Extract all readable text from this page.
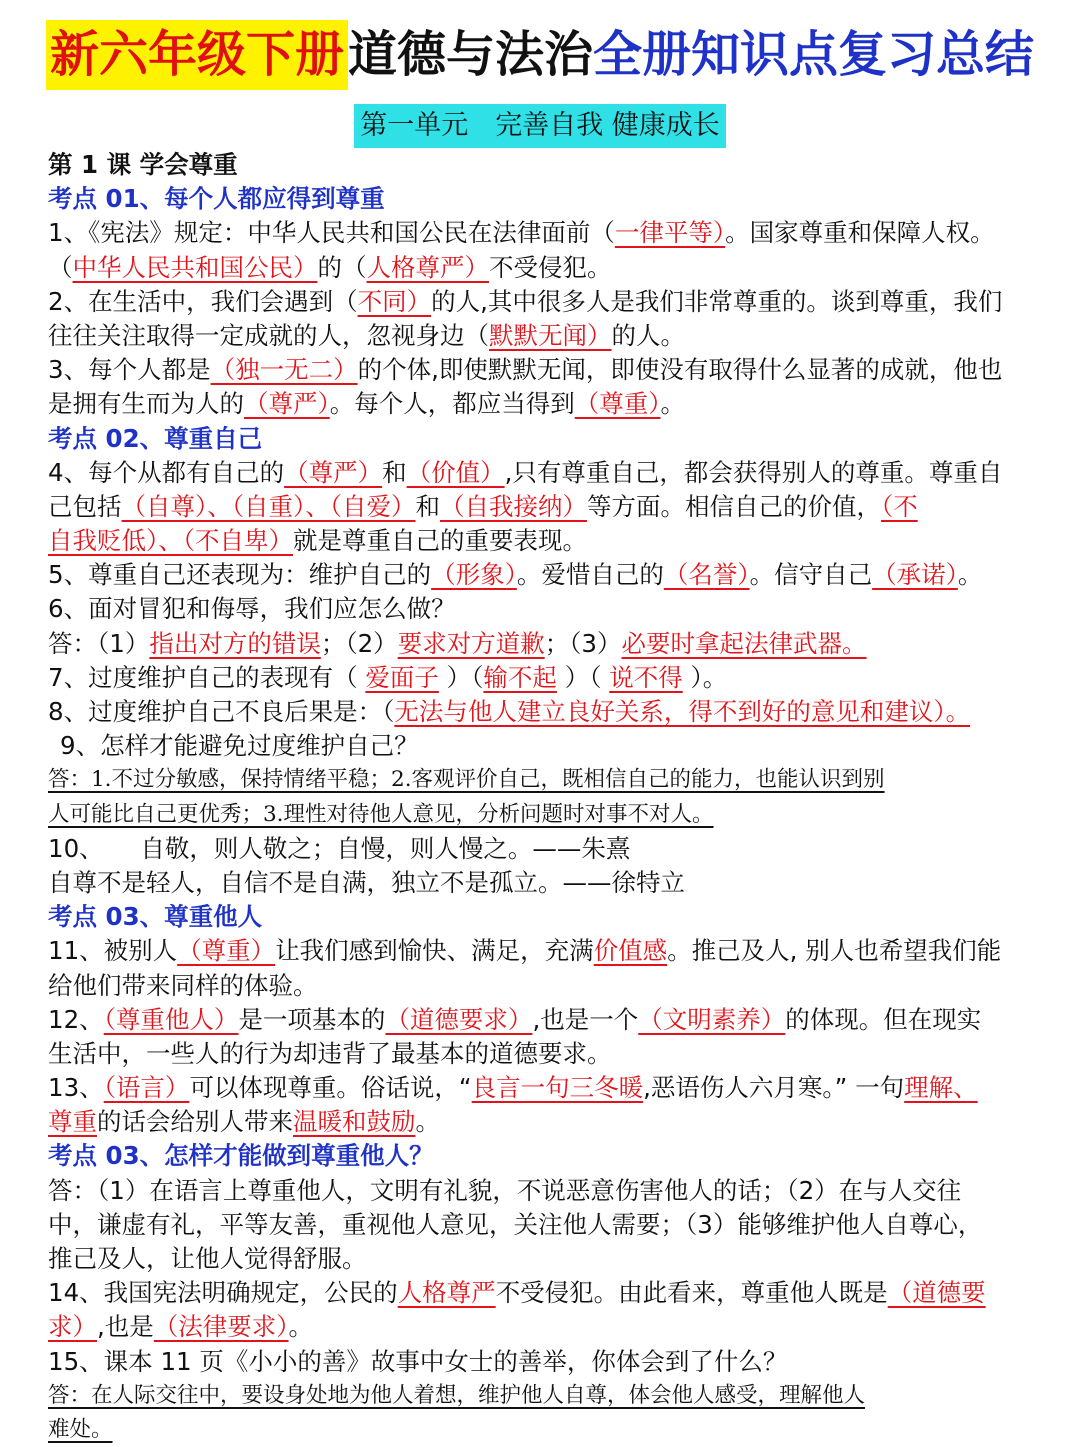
新六年级下册道德与法治全册知识点复习总结
第一单元　完善自我 健康成长
第 1 课 学会尊重
考点 01、每个人都应得到尊重
1、《宪法》规定：中华人民共和国公民在法律面前（一律平等）。国家尊重和保障人权。
（中华人民共和国公民）的（人格尊严）不受侵犯。
2、在生活中，我们会遇到（不同）的人,其中很多人是我们非常尊重的。谈到尊重，我们
往往关注取得一定成就的人，忽视身边（默默无闻）的人。
3、每个人都是（独一无二）的个体,即使默默无闻，即使没有取得什么显著的成就，他也
是拥有生而为人的（尊严）。每个人，都应当得到（尊重）。
考点 02、尊重自己
4、每个从都有自己的（尊严）和（价值）,只有尊重自己，都会获得别人的尊重。尊重自
己包括（自尊）、（自重）、（自爱）和（自我接纳）等方面。相信自己的价值，（不
自我贬低）、（不自卑）就是尊重自己的重要表现。
5、尊重自己还表现为：维护自己的（形象）。爱惜自己的（名誉）。信守自己（承诺）。
6、面对冒犯和侮辱，我们应怎么做？
答：（1）指出对方的错误；（2）要求对方道歉；（3）必要时拿起法律武器。
7、过度维护自己的表现有（ 爱面子 ）（输不起 ）（ 说不得 ）。
8、过度维护自己不良后果是：（无法与他人建立良好关系，得不到好的意见和建议）。
9、怎样才能避免过度维护自己？
答：1.不过分敏感，保持情绪平稳；2.客观评价自己，既相信自己的能力，也能认识到别
人可能比自己更优秀；3.理性对待他人意见，分析问题时对事不对人。
10、　　自敬，则人敬之；自慢，则人慢之。——朱熹
自尊不是轻人，自信不是自满，独立不是孤立。——徐特立
考点 03、尊重他人
11、被别人（尊重）让我们感到愉快、满足，充满价值感。推己及人, 别人也希望我们能
给他们带来同样的体验。
12、（尊重他人）是一项基本的（道德要求）,也是一个（文明素养）的体现。但在现实
生活中，一些人的行为却违背了最基本的道德要求。
13、（语言）可以体现尊重。俗话说，“良言一句三冬暖,恶语伤人六月寒。” 一句理解、
尊重的话会给别人带来温暖和鼓励。
考点 03、怎样才能做到尊重他人？
答：（1）在语言上尊重他人，文明有礼貌，不说恶意伤害他人的话；（2）在与人交往
中，谦虚有礼，平等友善，重视他人意见，关注他人需要；（3）能够维护他人自尊心，
推己及人，让他人觉得舒服。
14、我国宪法明确规定，公民的人格尊严不受侵犯。由此看来，尊重他人既是（道德要
求）,也是（法律要求）。
15、课本 11 页《小小的善》故事中女士的善举，你体会到了什么？
答：在人际交往中，要设身处地为他人着想，维护他人自尊，体会他人感受，理解他人
难处。
